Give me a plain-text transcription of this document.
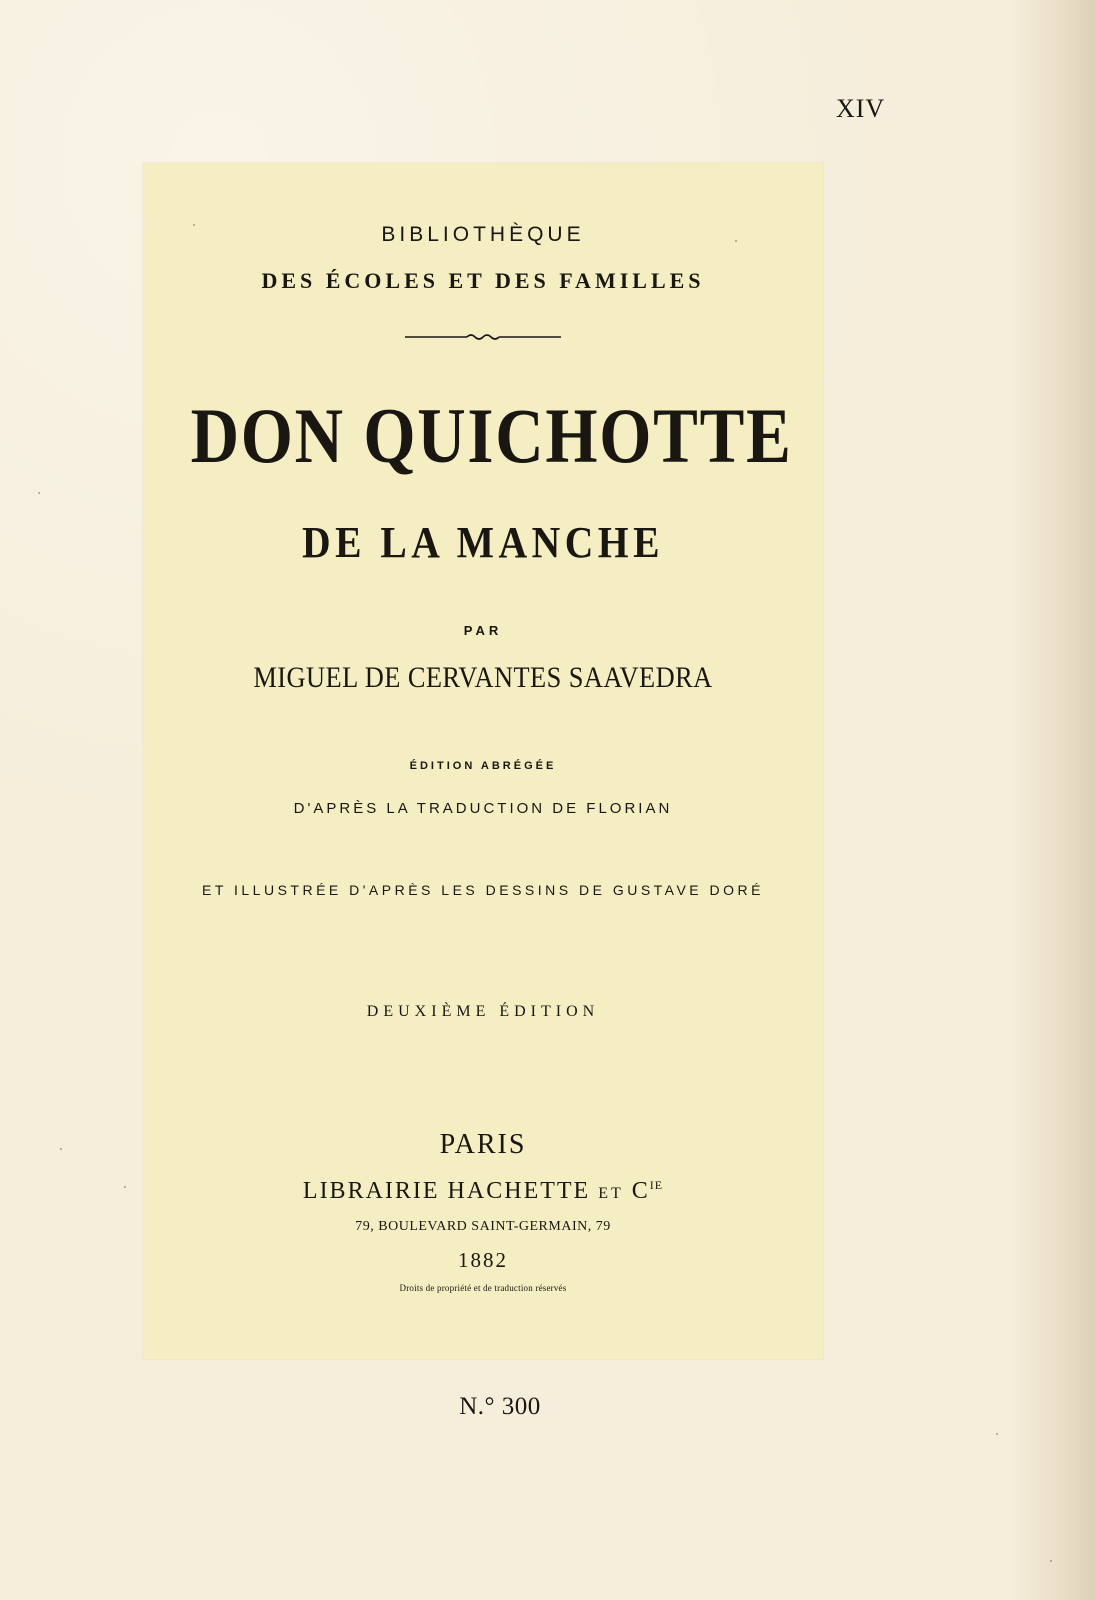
XIV
BIBLIOTHÈQUE
DES ÉCOLES ET DES FAMILLES
DON QUICHOTTE
DE LA MANCHE
PAR
MIGUEL DE CERVANTES SAAVEDRA
ÉDITION ABRÉGÉE
D'APRÈS LA TRADUCTION DE FLORIAN
ET ILLUSTRÉE D'APRÈS LES DESSINS DE GUSTAVE DORÉ
DEUXIÈME ÉDITION
PARIS
LIBRAIRIE HACHETTE ET $C^{IE}$
79, BOULEVARD SAINT-GERMAIN, 79
1882
Droits de propriété et de traduction réservés
N.° 300
